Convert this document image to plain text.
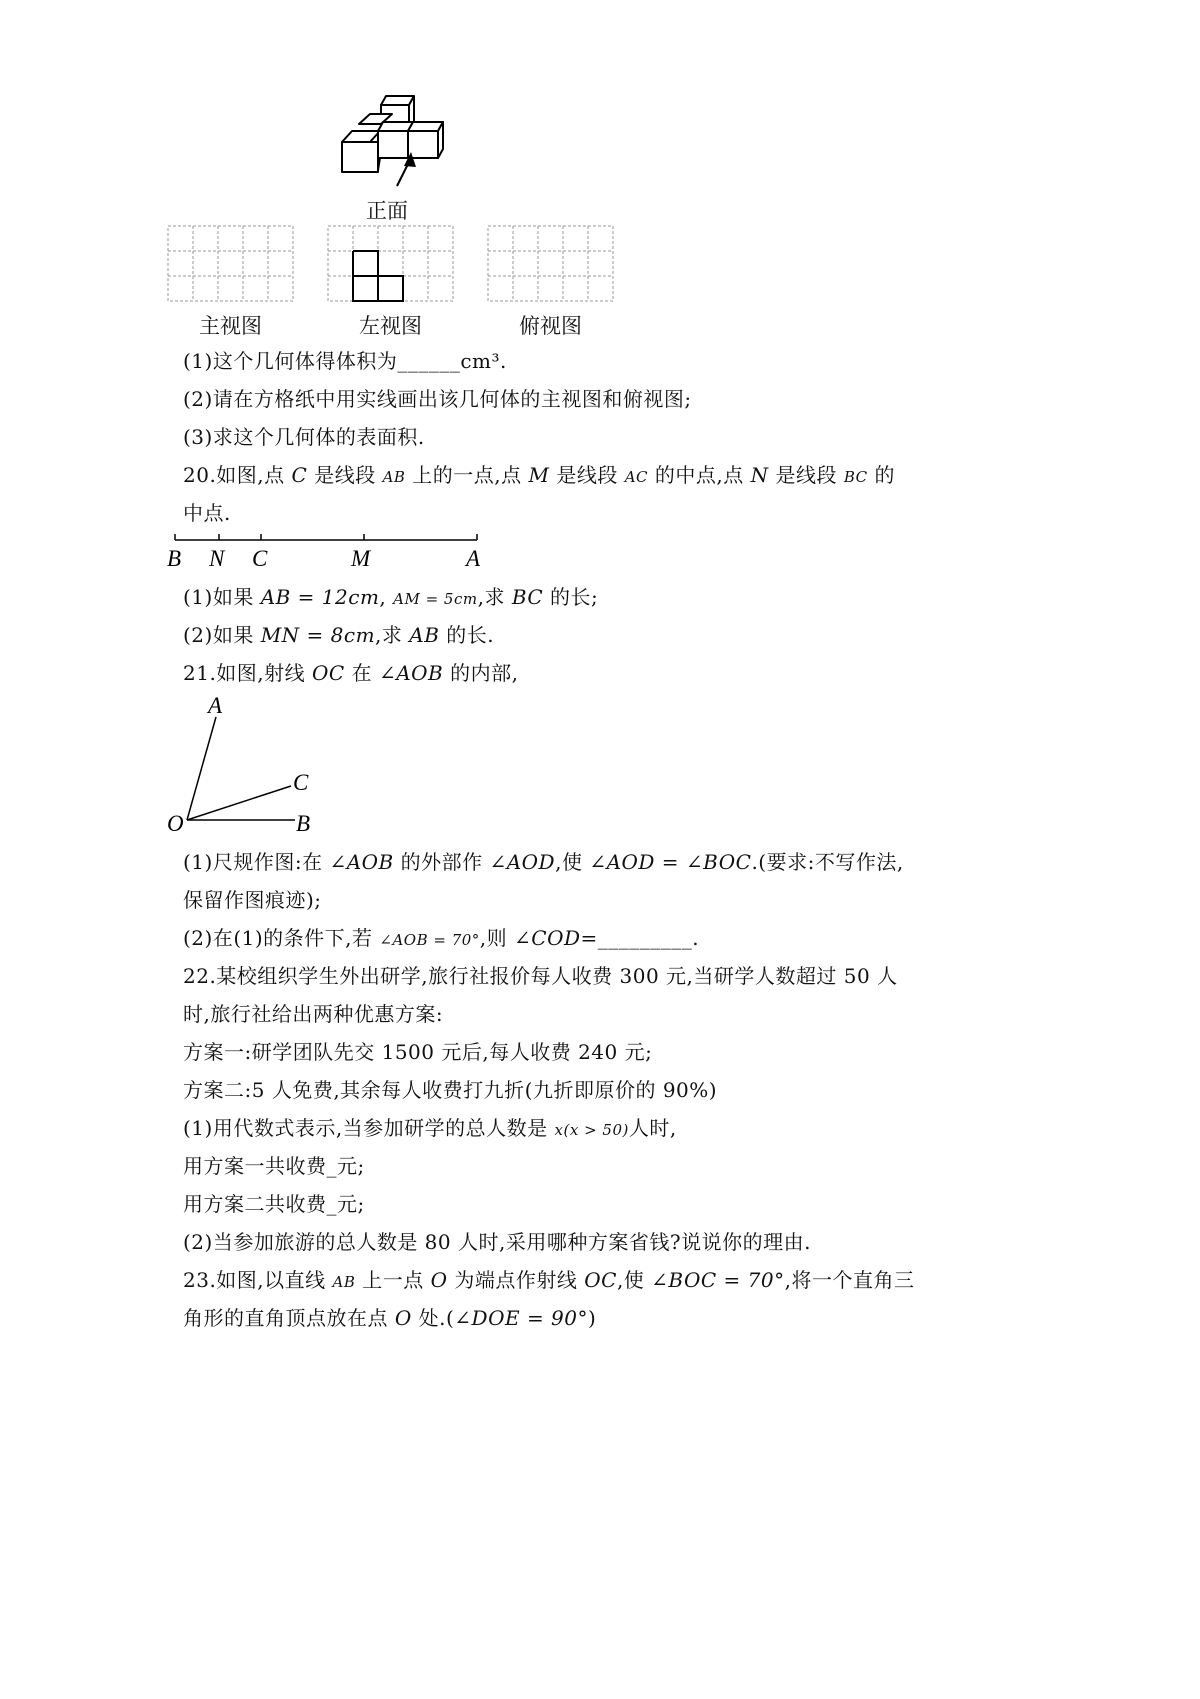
正面
主视图	左视图	俯视图
(1)这个几何体得体积为______cm³.
(2)请在方格纸中用实线画出该几何体的主视图和俯视图;
(3)求这个几何体的表面积.
20.如图,点 C 是线段 AB 上的一点,点 M 是线段 AC 的中点,点 N 是线段 BC 的
中点.
B N C	M	A
(1)如果 AB = 12cm, AM = 5cm,求 BC 的长;
(2)如果 MN = 8cm,求 AB 的长.
21.如图,射线 OC 在 ∠AOB 的内部,
A
C
O	B
(1)尺规作图:在 ∠AOB 的外部作 ∠AOD,使 ∠AOD = ∠BOC.(要求:不写作法,
保留作图痕迹);
(2)在(1)的条件下,若 ∠AOB = 70°,则 ∠COD=_________.
22.某校组织学生外出研学,旅行社报价每人收费 300 元,当研学人数超过 50 人
时,旅行社给出两种优惠方案:
方案一:研学团队先交 1500 元后,每人收费 240 元;
方案二:5 人免费,其余每人收费打九折(九折即原价的 90%)
(1)用代数式表示,当参加研学的总人数是 x(x > 50)人时,
用方案一共收费_元;
用方案二共收费_元;
(2)当参加旅游的总人数是 80 人时,采用哪种方案省钱?说说你的理由.
23.如图,以直线 AB 上一点 O 为端点作射线 OC,使 ∠BOC = 70°,将一个直角三
角形的直角顶点放在点 O 处.(∠DOE = 90°)
